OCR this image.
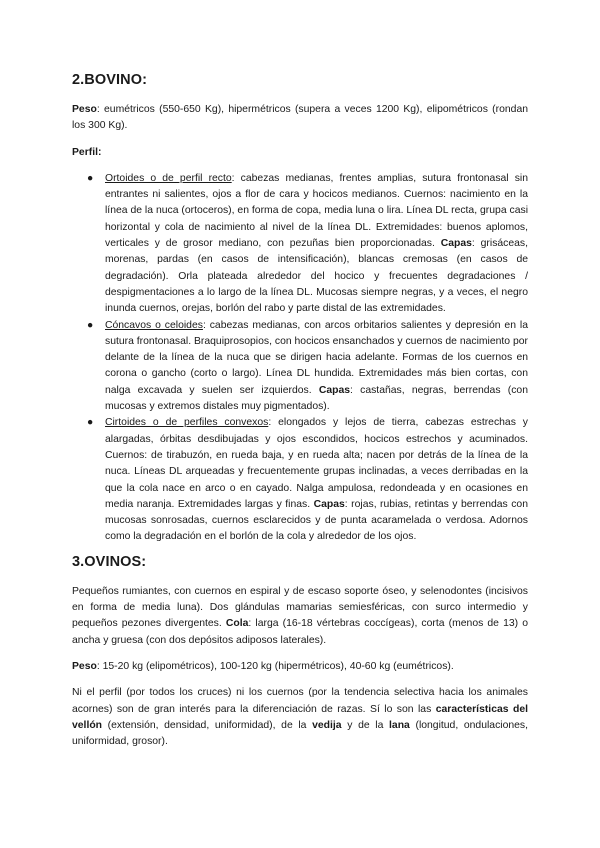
2.BOVINO:

Peso: eumétricos (550-650 Kg), hipermétricos (supera a veces 1200 Kg), elipométricos (rondan los 300 Kg).

Perfil:

● Ortoides o de perfil recto: cabezas medianas, frentes amplias, sutura frontonasal sin entrantes ni salientes, ojos a flor de cara y hocicos medianos. Cuernos: nacimiento en la línea de la nuca (ortoceros), en forma de copa, media luna o lira. Línea DL recta, grupa casi horizontal y cola de nacimiento al nivel de la línea DL. Extremidades: buenos aplomos, verticales y de grosor mediano, con pezuñas bien proporcionadas. Capas: grisáceas, morenas, pardas (en casos de intensificación), blancas cremosas (en casos de degradación). Orla plateada alrededor del hocico y frecuentes degradaciones / despigmentaciones a lo largo de la línea DL. Mucosas siempre negras, y a veces, el negro inunda cuernos, orejas, borlón del rabo y parte distal de las extremidades.
● Cóncavos o celoides: cabezas medianas, con arcos orbitarios salientes y depresión en la sutura frontonasal. Braquiprosopios, con hocicos ensanchados y cuernos de nacimiento por delante de la línea de la nuca que se dirigen hacia adelante. Formas de los cuernos en corona o gancho (corto o largo). Línea DL hundida. Extremidades más bien cortas, con nalga excavada y suelen ser izquierdos. Capas: castañas, negras, berrendas (con mucosas y extremos distales muy pigmentados).
● Cirtoides o de perfiles convexos: elongados y lejos de tierra, cabezas estrechas y alargadas, órbitas desdibujadas y ojos escondidos, hocicos estrechos y acuminados. Cuernos: de tirabuzón, en rueda baja, y en rueda alta; nacen por detrás de la línea de la nuca. Líneas DL arqueadas y frecuentemente grupas inclinadas, a veces derribadas en la que la cola nace en arco o en cayado. Nalga ampulosa, redondeada y en ocasiones en media naranja. Extremidades largas y finas. Capas: rojas, rubias, retintas y berrendas con mucosas sonrosadas, cuernos esclarecidos y de punta acaramelada o verdosa. Adornos como la degradación en el borlón de la cola y alrededor de los ojos.
3.OVINOS:

Pequeños rumiantes, con cuernos en espiral y de escaso soporte óseo, y selenodontes (incisivos en forma de media luna). Dos glándulas mamarias semiesféricas, con surco intermedio y pequeños pezones divergentes. Cola: larga (16-18 vértebras coccígeas), corta (menos de 13) o ancha y gruesa (con dos depósitos adiposos laterales).

Peso: 15-20 kg (elipométricos), 100-120 kg (hipermétricos), 40-60 kg (eumétricos).

Ni el perfil (por todos los cruces) ni los cuernos (por la tendencia selectiva hacia los animales acornes) son de gran interés para la diferenciación de razas. Sí lo son las características del vellón (extensión, densidad, uniformidad), de la vedija y de la lana (longitud, ondulaciones, uniformidad, grosor).
